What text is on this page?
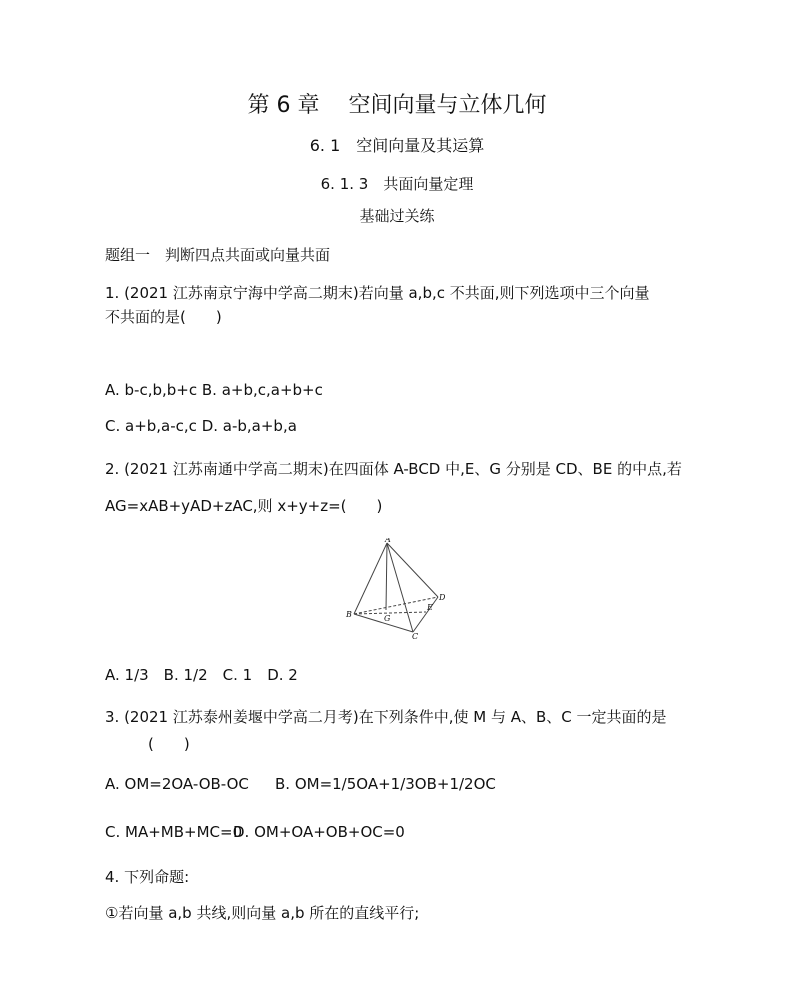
第 6 章　 空间向量与立体几何
6. 1　空间向量及其运算
6. 1. 3　共面向量定理
基础过关练
题组一　判断四点共面或向量共面
1. (2021 江苏南京宁海中学高二期末)若向量 a,b,c 不共面,则下列选项中三个向量
不共面的是(　　)
A. b-c,b,b+c B. a+b,c,a+b+c
C. a+b,a-c,c D. a-b,a+b,a
2. (2021 江苏南通中学高二期末)在四面体 A-BCD 中,E、G 分别是 CD、BE 的中点,若
AG=xAB+yAD+zAC,则 x+y+z=(　　)
A
B	G
E
D
C
A. 1/3　B. 1/2　C. 1　D. 2
3. (2021 江苏泰州姜堰中学高二月考)在下列条件中,使 M 与 A、B、C 一定共面的是
(　　)
A. OM=2OA-OB-OC B. OM=1/5OA+1/3OB+1/2OC
C. MA+MB+MC=0
D. OM+OA+OB+OC=0
4. 下列命题:
①若向量 a,b 共线,则向量 a,b 所在的直线平行;
